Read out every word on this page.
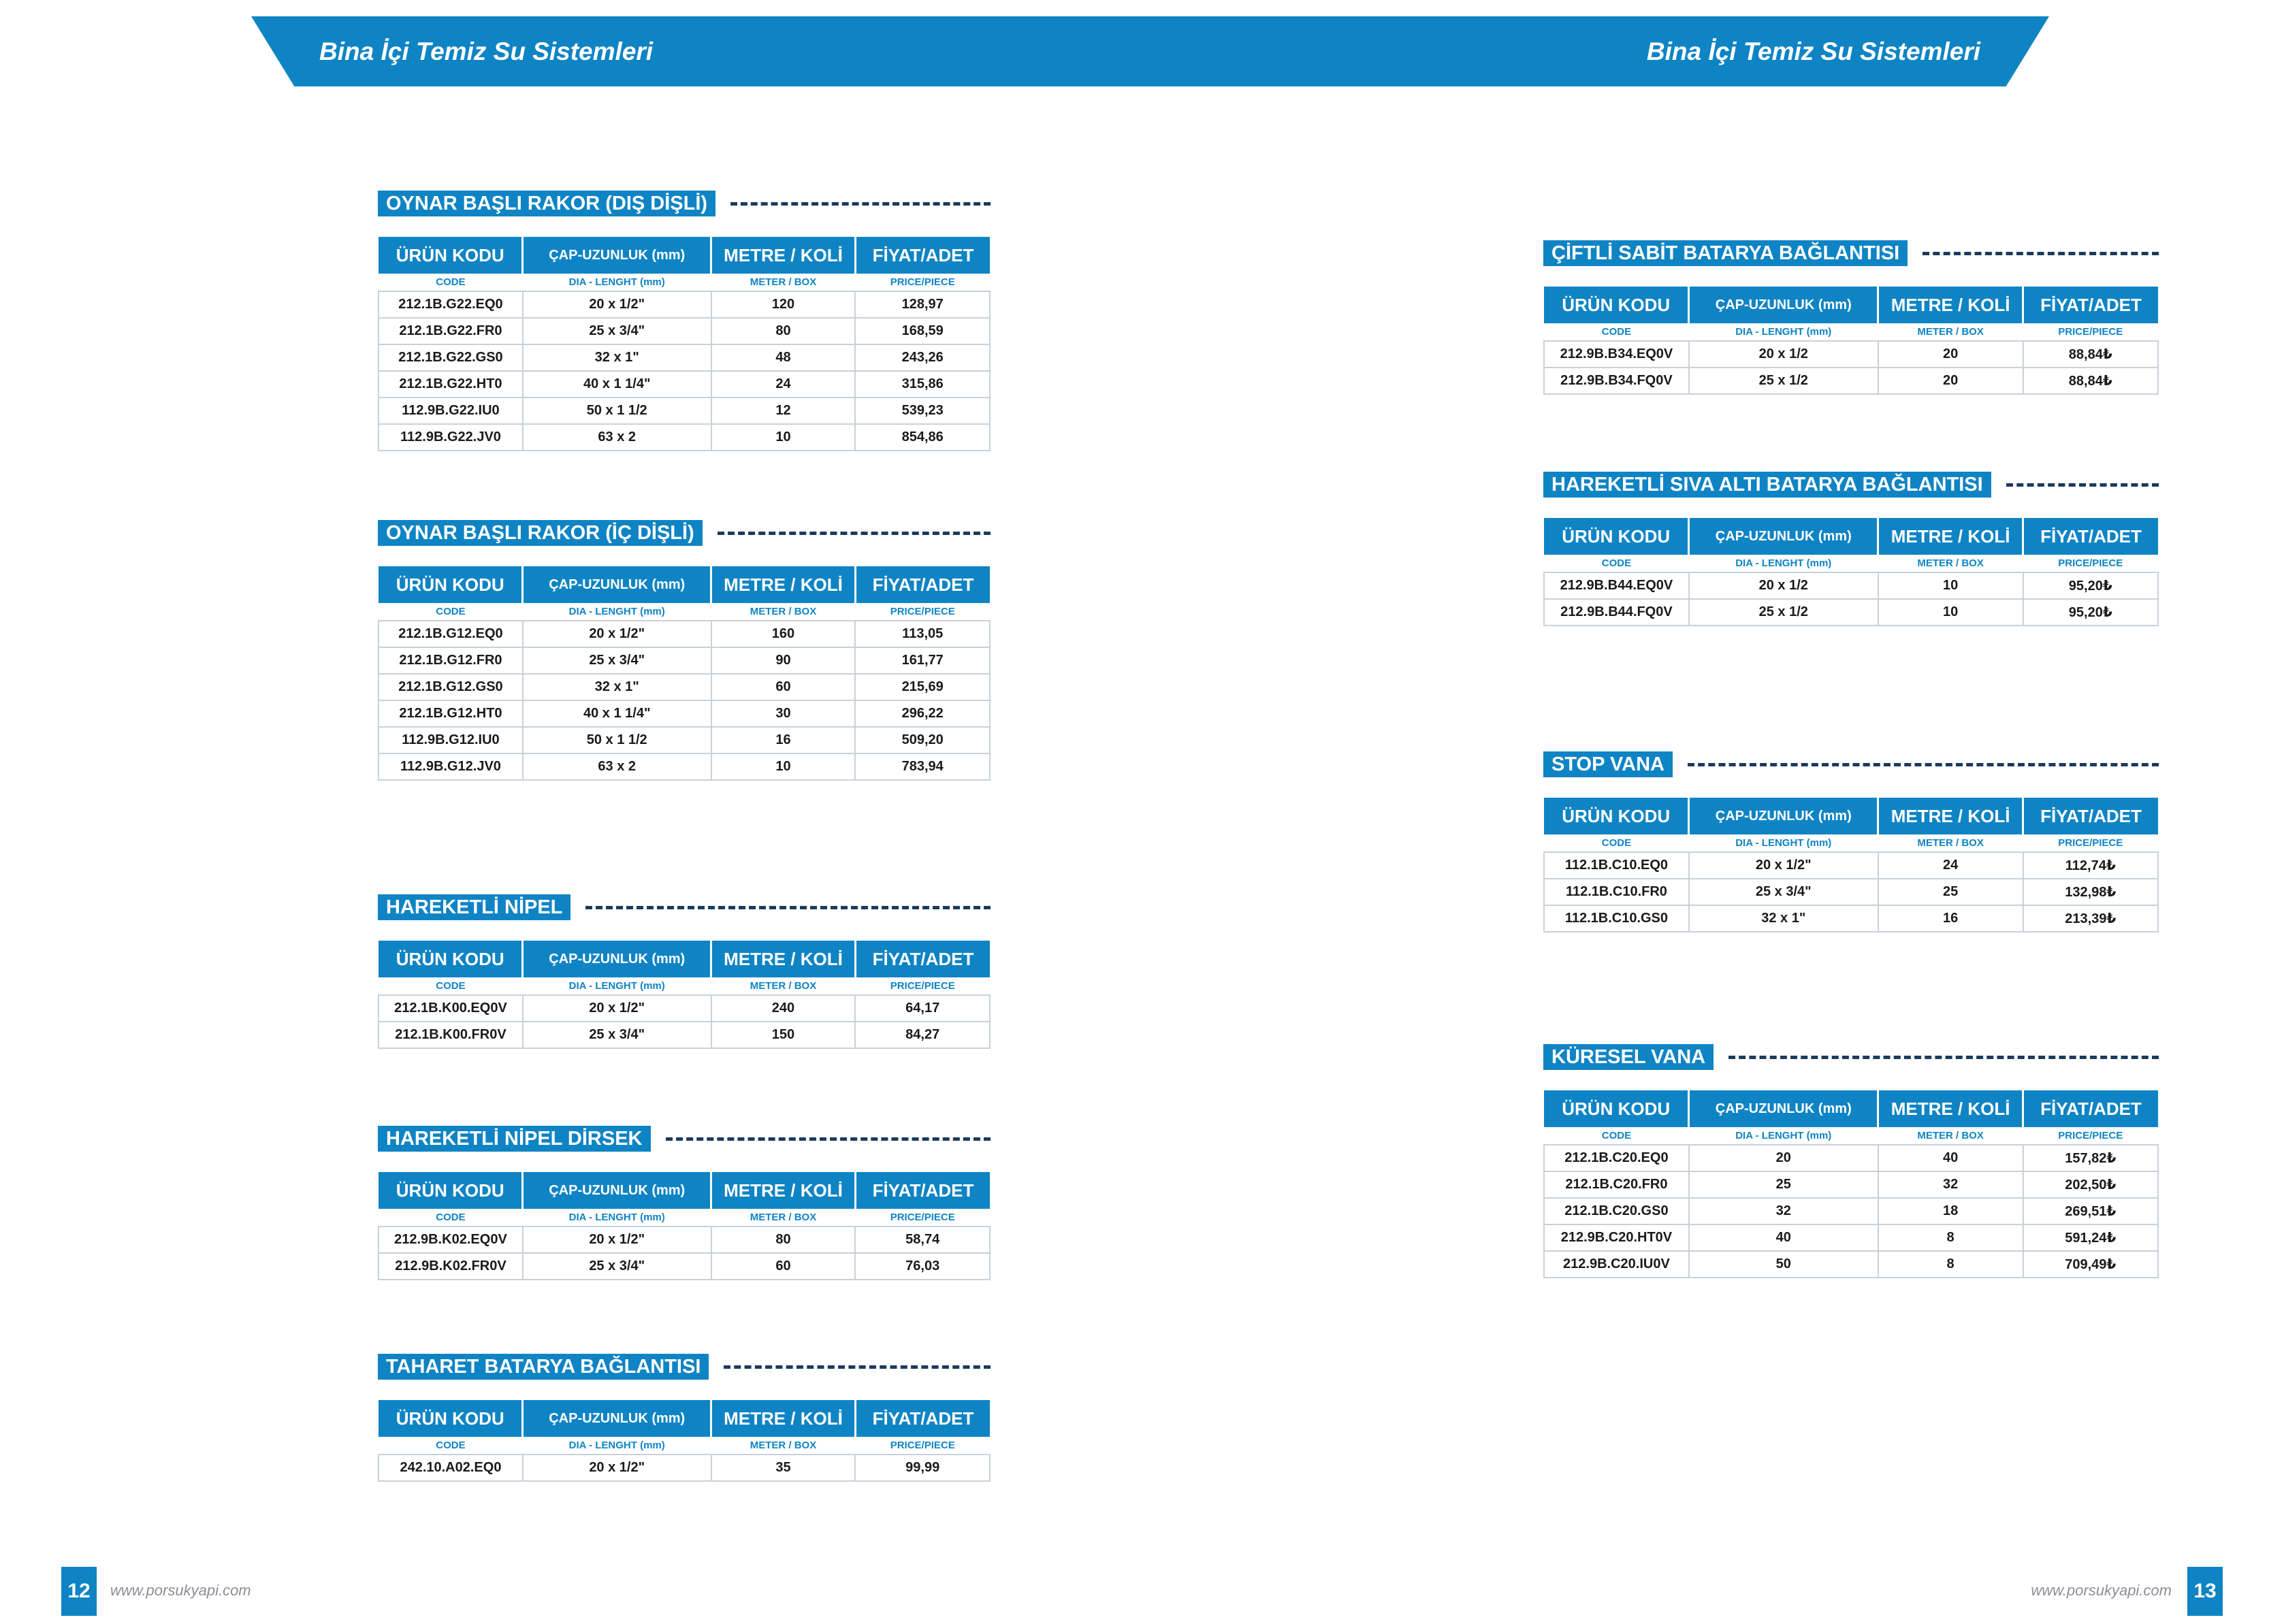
Bina İçi Temiz Su Sistemleri	Bina İçi Temiz Su Sistemleri
OYNAR BAŞLI RAKOR (DIŞ DİŞLİ)
ÜRÜN KODU	ÇAP-UZUNLUK (mm)	METRE / KOLİ	FİYAT/ADET
CODE	DIA - LENGHT (mm)	METER / BOX	PRICE/PIECE
212.1B.G22.EQ0	20 x 1/2"	120	128,97
212.1B.G22.FR0	25 x 3/4"	80	168,59
212.1B.G22.GS0	32 x 1"	48	243,26
212.1B.G22.HT0	40 x 1 1/4"	24	315,86
112.9B.G22.IU0	50 x 1 1/2	12	539,23
112.9B.G22.JV0	63 x 2	10	854,86
OYNAR BAŞLI RAKOR (İÇ DİŞLİ)
ÜRÜN KODU	ÇAP-UZUNLUK (mm)	METRE / KOLİ	FİYAT/ADET
CODE	DIA - LENGHT (mm)	METER / BOX	PRICE/PIECE
212.1B.G12.EQ0	20 x 1/2"	160	113,05
212.1B.G12.FR0	25 x 3/4"	90	161,77
212.1B.G12.GS0	32 x 1"	60	215,69
212.1B.G12.HT0	40 x 1 1/4"	30	296,22
112.9B.G12.IU0	50 x 1 1/2	16	509,20
112.9B.G12.JV0	63 x 2	10	783,94
HAREKETLİ NİPEL
ÜRÜN KODU	ÇAP-UZUNLUK (mm)	METRE / KOLİ	FİYAT/ADET
CODE	DIA - LENGHT (mm)	METER / BOX	PRICE/PIECE
212.1B.K00.EQ0V	20 x 1/2"	240	64,17
212.1B.K00.FR0V	25 x 3/4"	150	84,27
HAREKETLİ NİPEL DİRSEK
ÜRÜN KODU	ÇAP-UZUNLUK (mm)	METRE / KOLİ	FİYAT/ADET
CODE	DIA - LENGHT (mm)	METER / BOX	PRICE/PIECE
212.9B.K02.EQ0V	20 x 1/2"	80	58,74
212.9B.K02.FR0V	25 x 3/4"	60	76,03
TAHARET BATARYA BAĞLANTISI
ÜRÜN KODU	ÇAP-UZUNLUK (mm)	METRE / KOLİ	FİYAT/ADET
CODE	DIA - LENGHT (mm)	METER / BOX	PRICE/PIECE
242.10.A02.EQ0	20 x 1/2"	35	99,99
ÇİFTLİ SABİT BATARYA BAĞLANTISI
ÜRÜN KODU	ÇAP-UZUNLUK (mm)	METRE / KOLİ	FİYAT/ADET
CODE	DIA - LENGHT (mm)	METER / BOX	PRICE/PIECE
212.9B.B34.EQ0V	20 x 1/2	20	88,84₺
212.9B.B34.FQ0V	25 x 1/2	20	88,84₺
HAREKETLİ SIVA ALTI BATARYA BAĞLANTISI
ÜRÜN KODU	ÇAP-UZUNLUK (mm)	METRE / KOLİ	FİYAT/ADET
CODE	DIA - LENGHT (mm)	METER / BOX	PRICE/PIECE
212.9B.B44.EQ0V	20 x 1/2	10	95,20₺
212.9B.B44.FQ0V	25 x 1/2	10	95,20₺
STOP VANA
ÜRÜN KODU	ÇAP-UZUNLUK (mm)	METRE / KOLİ	FİYAT/ADET
CODE	DIA - LENGHT (mm)	METER / BOX	PRICE/PIECE
112.1B.C10.EQ0	20 x 1/2"	24	112,74₺
112.1B.C10.FR0	25 x 3/4"	25	132,98₺
112.1B.C10.GS0	32 x 1"	16	213,39₺
KÜRESEL VANA
ÜRÜN KODU	ÇAP-UZUNLUK (mm)	METRE / KOLİ	FİYAT/ADET
CODE	DIA - LENGHT (mm)	METER / BOX	PRICE/PIECE
212.1B.C20.EQ0	20	40	157,82₺
212.1B.C20.FR0	25	32	202,50₺
212.1B.C20.GS0	32	18	269,51₺
212.9B.C20.HT0V	40	8	591,24₺
212.9B.C20.IU0V	50	8	709,49₺
12	www.porsukyapi.com	www.porsukyapi.com	13
